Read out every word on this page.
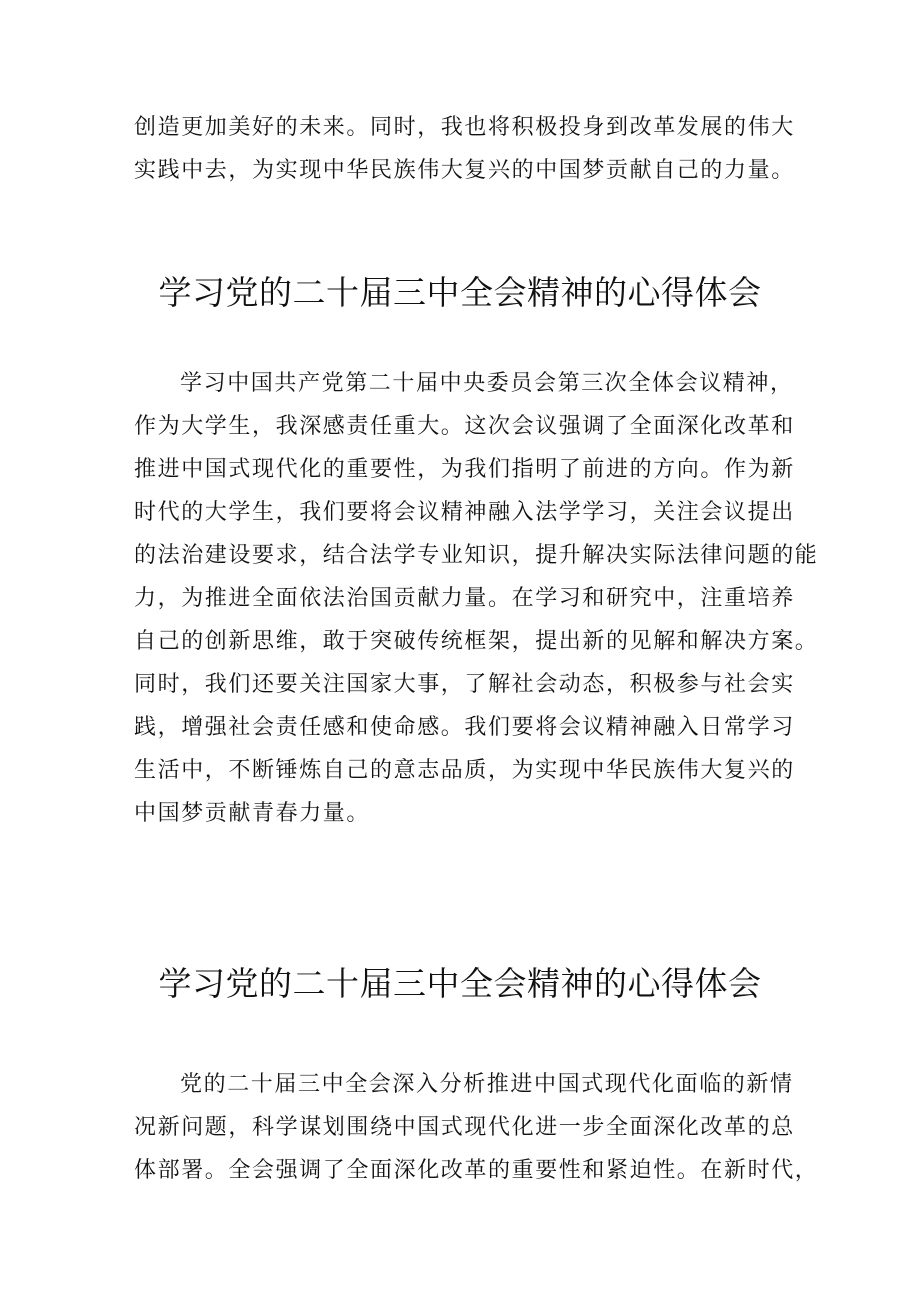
创造更加美好的未来。同时，我也将积极投身到改革发展的伟大
实践中去，为实现中华民族伟大复兴的中国梦贡献自己的力量。
学习党的二十届三中全会精神的心得体会
学习中国共产党第二十届中央委员会第三次全体会议精神，
作为大学生，我深感责任重大。这次会议强调了全面深化改革和
推进中国式现代化的重要性，为我们指明了前进的方向。作为新
时代的大学生，我们要将会议精神融入法学学习，关注会议提出
的法治建设要求，结合法学专业知识，提升解决实际法律问题的能
力，为推进全面依法治国贡献力量。在学习和研究中，注重培养
自己的创新思维，敢于突破传统框架，提出新的见解和解决方案。
同时，我们还要关注国家大事，了解社会动态，积极参与社会实
践，增强社会责任感和使命感。我们要将会议精神融入日常学习
生活中，不断锤炼自己的意志品质，为实现中华民族伟大复兴的
中国梦贡献青春力量。
学习党的二十届三中全会精神的心得体会
党的二十届三中全会深入分析推进中国式现代化面临的新情
况新问题，科学谋划围绕中国式现代化进一步全面深化改革的总
体部署。全会强调了全面深化改革的重要性和紧迫性。在新时代，
